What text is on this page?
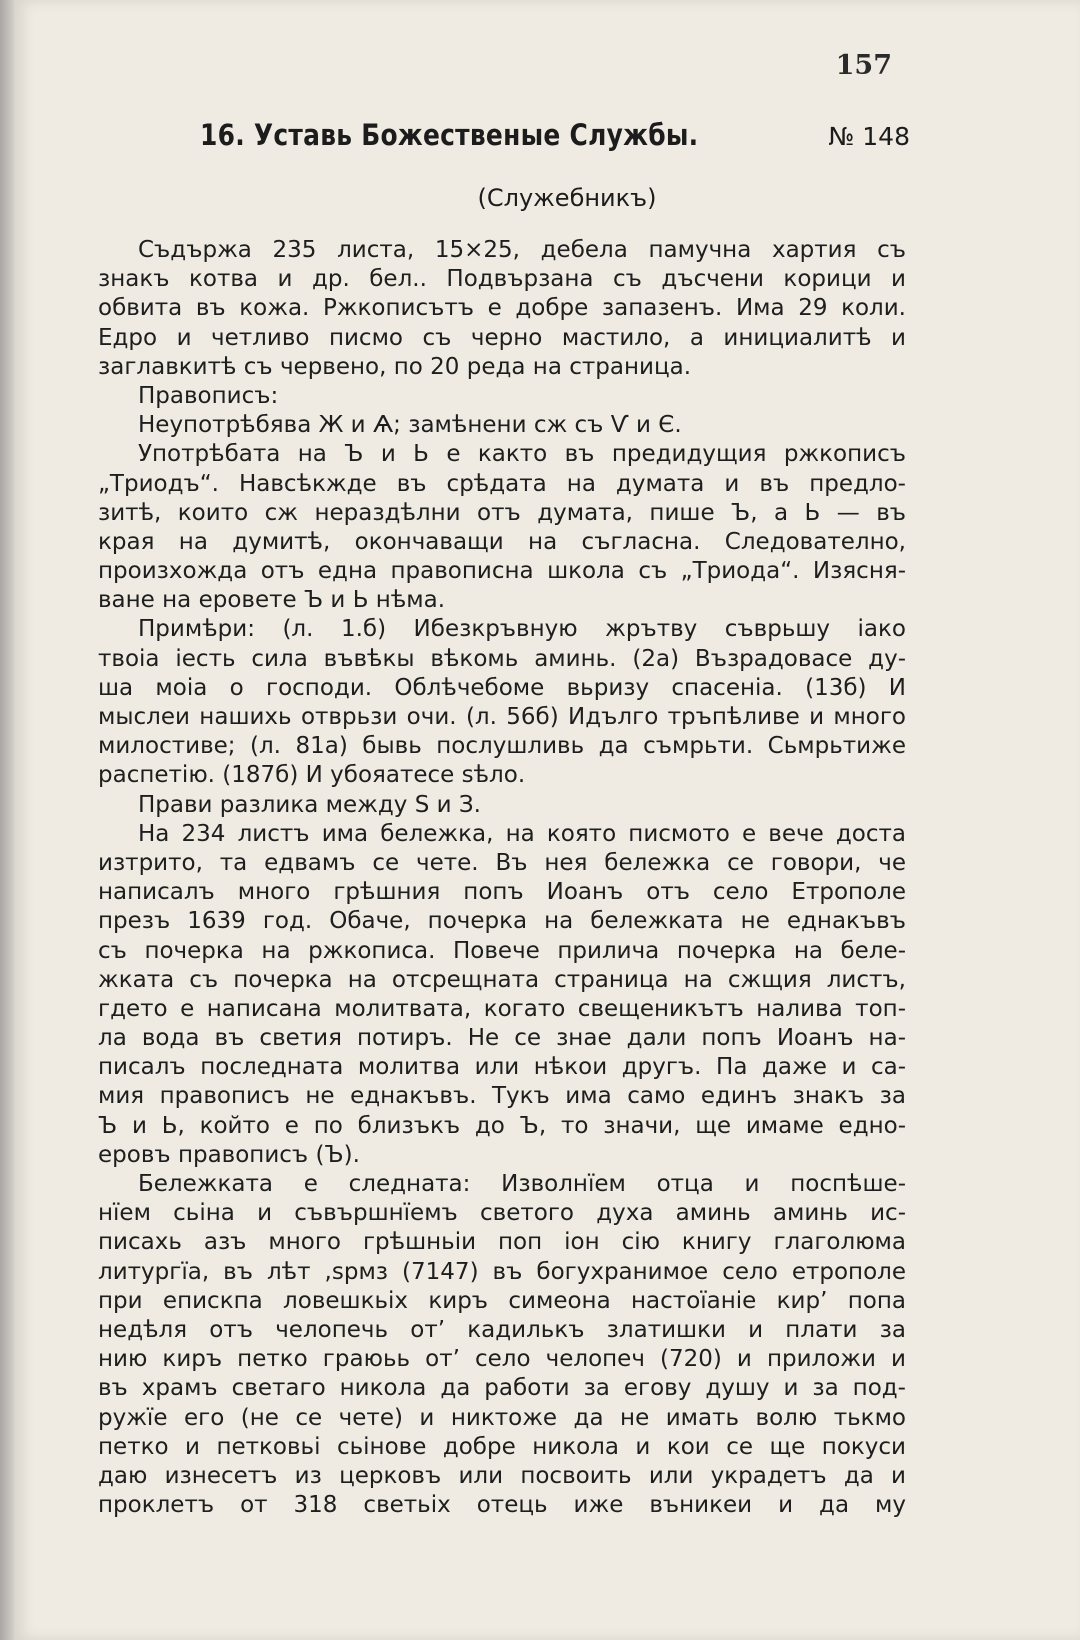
157

16. Уставь Божественые Службы.	№ 148

(Служебникъ)

Съдържа 235 листа, 15×25, дебела памучна хартия съ
знакъ котва и др. бел.. Подвързана съ дъсчени корици и
обвита въ кожа. Ржкописътъ е добре запазенъ. Има 29 коли.
Едро и четливо писмо съ черно мастило, а инициалитѣ и
заглавкитѣ съ червено, по 20 реда на страница.
Правописъ:
Неупотрѣбява Ж и Ѧ; замѣнени сж съ Ѵ и Є.
Употрѣбата на Ъ и Ь е както въ предидущия ржкописъ
„Триодъ“. Навсѣкжде въ срѣдата на думата и въ предло-
зитѣ, които сж нераздѣлни отъ думата, пише Ъ, а Ь — въ
края на думитѣ, окончаващи на съгласна. Следователно,
произхожда отъ една правописна школа съ „Триода“. Изясня-
ване на еровете Ъ и Ь нѣма.
Примѣри: (л. 1.б) Ибезкръвную жрътву съврьшу іако
твоіа іесть сила въвѣкы вѣкомь аминь. (2а) Възрадовасе ду-
ша моіа о господи. Облѣчебоме вьризу спасеніа. (13б) И
мыслеи нашихь отврьзи очи. (л. 56б) Идълго тръпѣливе и много
милостиве; (л. 81а) бывь послушливь да съмрьти. Сьмрьтиже
распетію. (187б) И убояатесе ѕѣло.
Прави разлика между Ѕ и З.
На 234 листъ има бележка, на която писмото е вече доста
изтрито, та едвамъ се чете. Въ нея бележка се говори, че
написалъ много грѣшния попъ Иоанъ отъ село Етрополе
презъ 1639 год. Обаче, почерка на бележката не еднакъвъ
съ почерка на ржкописа. Повече прилича почерка на беле-
жката съ почерка на отсрещната страница на сжщия листъ,
гдето е написана молитвата, когато свещеникътъ налива топ-
ла вода въ светия потиръ. Не се знае дали попъ Иоанъ на-
писалъ последната молитва или нѣкои другъ. Па даже и са-
мия правописъ не еднакъвъ. Тукъ има само единъ знакъ за
Ъ и Ь, който е по близъкъ до Ъ, то значи, ще имаме едно-
еровъ правописъ (Ъ).
Бележката е следната: Изволнїем отца и поспѣше-
нїем сьіна и съвършнїемъ светого духа аминь аминь ис-
писахь азъ много грѣшньіи поп іон сію книгу глаголюма
литургїа, въ лѣт ,ѕрмз (7147) въ богухранимое село етрополе
при епискпа ловешкьіх киръ симеона настоїаніе кир’ попа
недѣля отъ челопечь от’ кадилькъ златишки и плати за
нию киръ петко граюьь от’ село челопеч (720) и приложи и
въ храмъ светаго никола да работи за егову душу и за под-
ружїе его (не се чете) и никтоже да не имать волю тькмо
петко и петковьі сьінове добре никола и кои се ще покуси
даю изнесетъ из церковъ или посвоить или украдетъ да и
проклетъ от 318 светьіх отець иже въникеи и да му
